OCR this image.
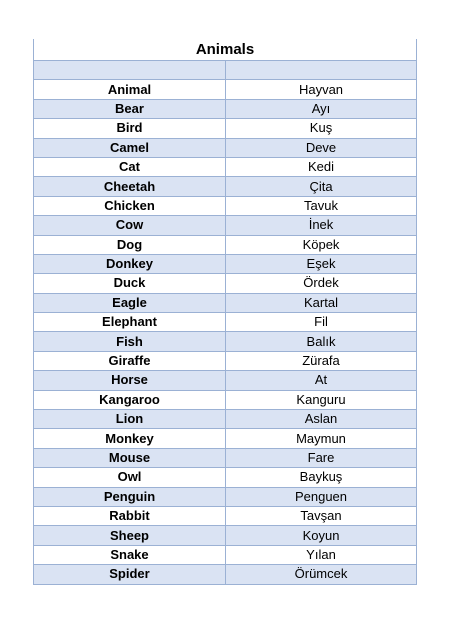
Animals

Animal	Hayvan
Bear	Ayı
Bird	Kuş
Camel	Deve
Cat	Kedi
Cheetah	Çita
Chicken	Tavuk
Cow	İnek
Dog	Köpek
Donkey	Eşek
Duck	Ördek
Eagle	Kartal
Elephant	Fil
Fish	Balık
Giraffe	Zürafa
Horse	At
Kangaroo	Kanguru
Lion	Aslan
Monkey	Maymun
Mouse	Fare
Owl	Baykuş
Penguin	Penguen
Rabbit	Tavşan
Sheep	Koyun
Snake	Yılan
Spider	Örümcek
